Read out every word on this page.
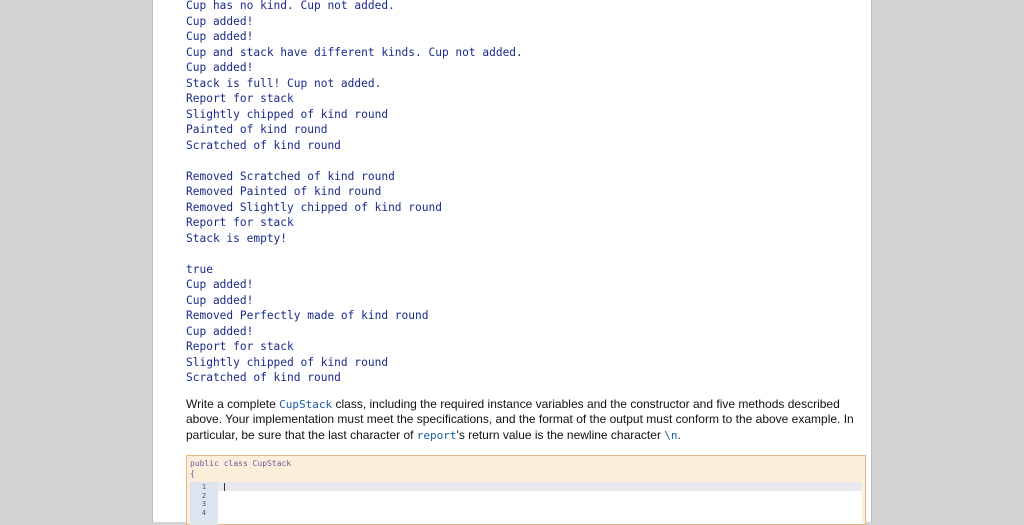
Cup has no kind. Cup not added.
Cup added!
Cup added!
Cup and stack have different kinds. Cup not added.
Cup added!
Stack is full! Cup not added.
Report for stack
Slightly chipped of kind round
Painted of kind round
Scratched of kind round
Removed Scratched of kind round
Removed Painted of kind round
Removed Slightly chipped of kind round
Report for stack
Stack is empty!
true
Cup added!
Cup added!
Removed Perfectly made of kind round
Cup added!
Report for stack
Slightly chipped of kind round
Scratched of kind round
Write a complete CupStack class, including the required instance variables and the constructor and five methods described above. Your implementation must meet the specifications, and the format of the output must conform to the above example. In particular, be sure that the last character of report's return value is the newline character \n.
public class CupStack
{
1
2
3
4
